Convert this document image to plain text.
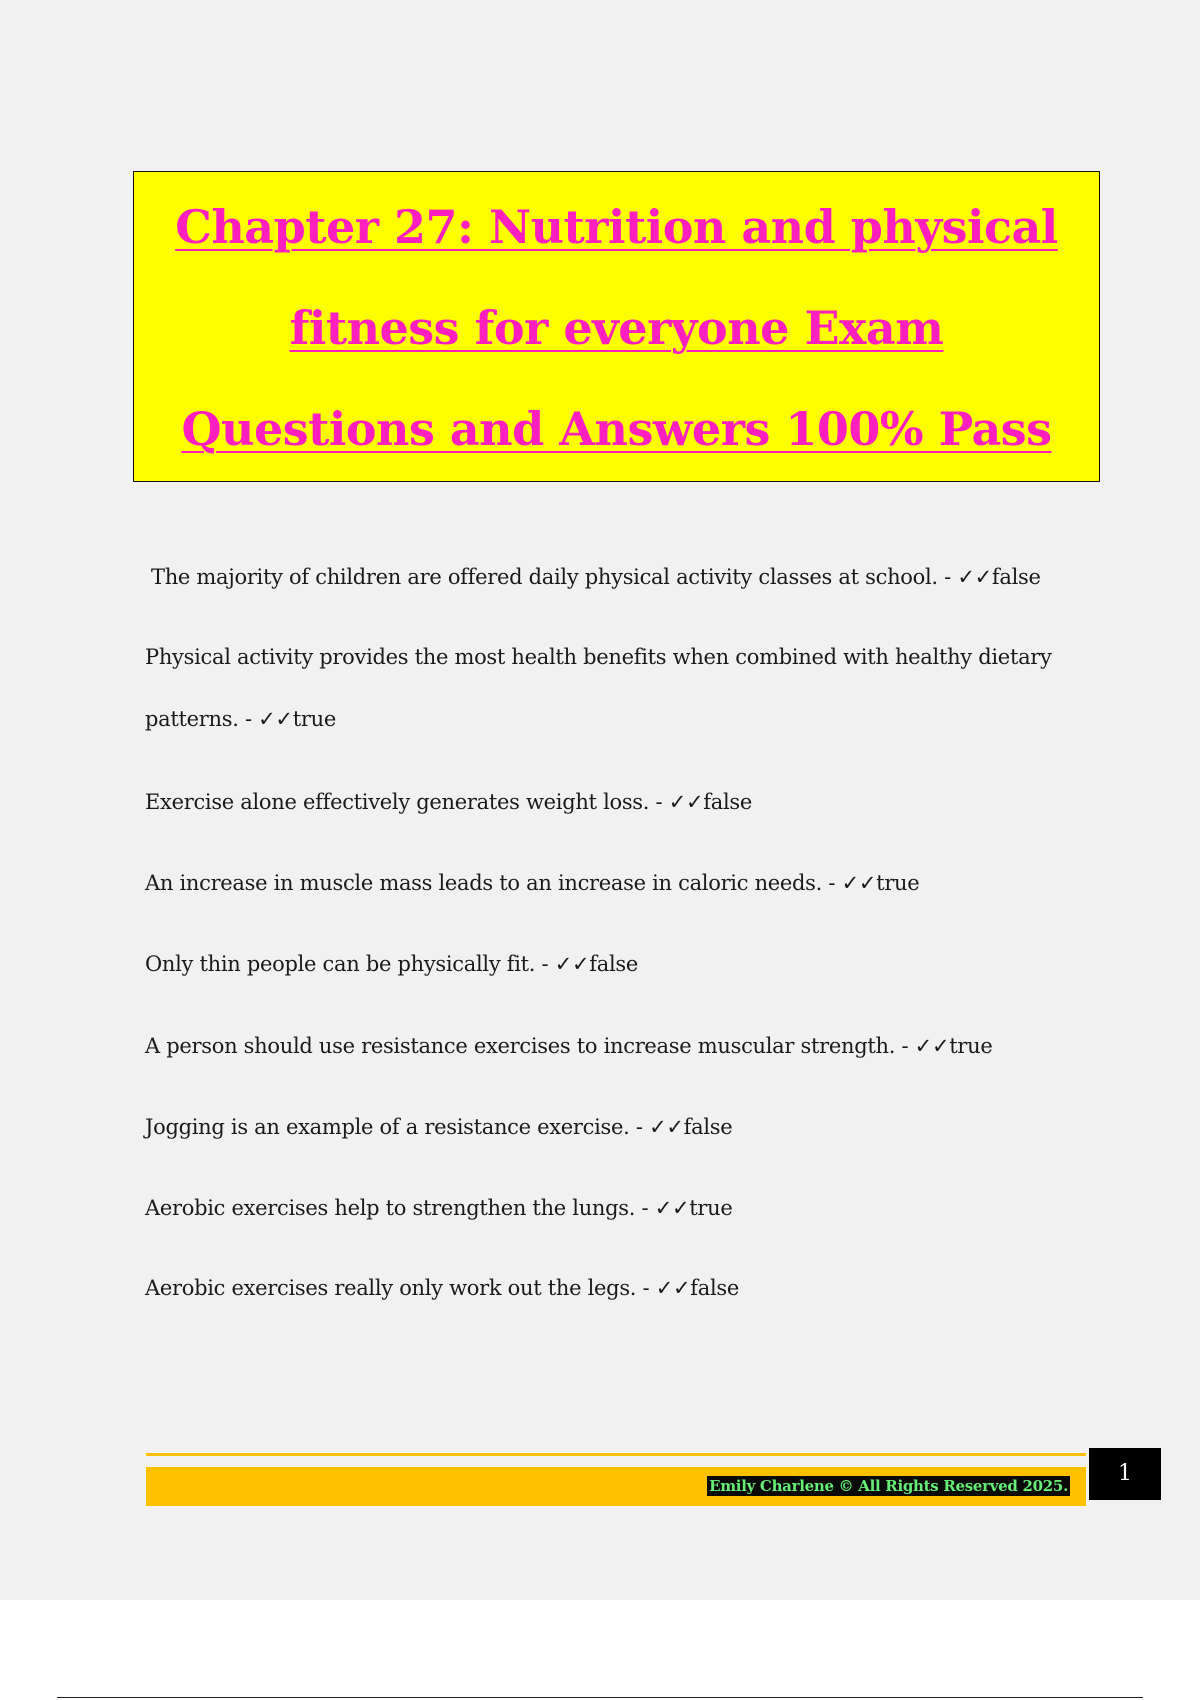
Chapter 27: Nutrition and physical
fitness for everyone Exam
Questions and Answers 100% Pass
The majority of children are offered daily physical activity classes at school. - ✓✓false
Physical activity provides the most health benefits when combined with healthy dietary patterns. - ✓✓true
Exercise alone effectively generates weight loss. - ✓✓false
An increase in muscle mass leads to an increase in caloric needs. - ✓✓true
Only thin people can be physically fit. - ✓✓false
A person should use resistance exercises to increase muscular strength. - ✓✓true
Jogging is an example of a resistance exercise. - ✓✓false
Aerobic exercises help to strengthen the lungs. - ✓✓true
Aerobic exercises really only work out the legs. - ✓✓false
Emily Charlene © All Rights Reserved 2025.	1
